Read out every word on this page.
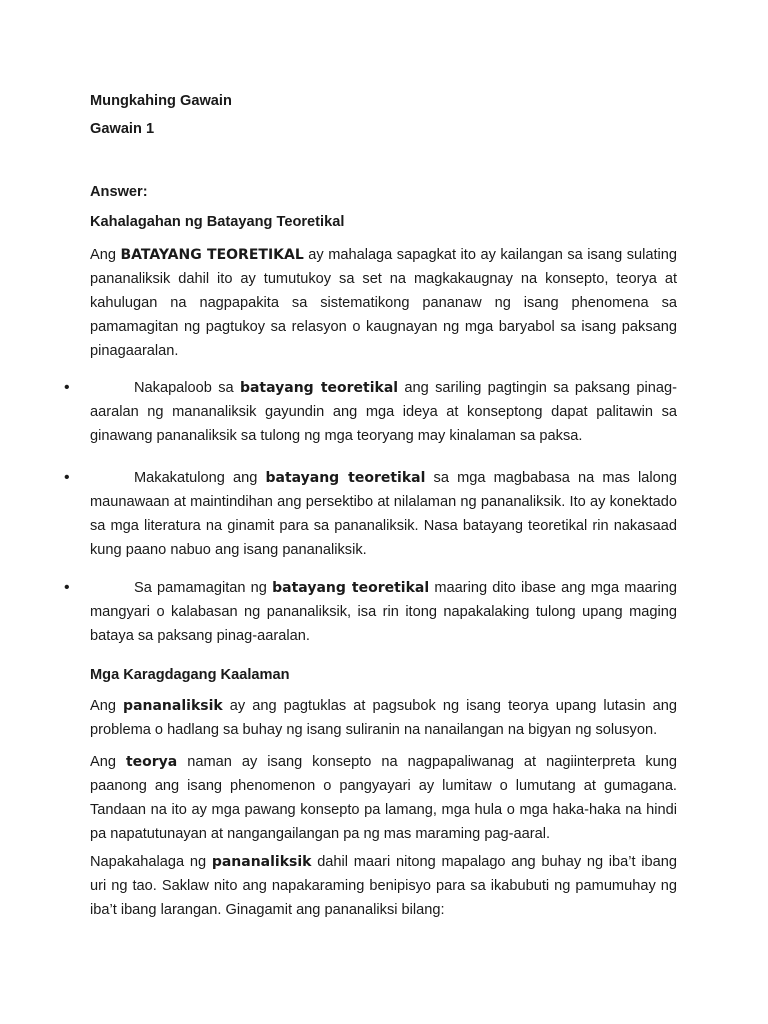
Mungkahing Gawain
Gawain 1
Answer:
Kahalagahan ng Batayang Teoretikal

Ang BATAYANG TEORETIKAL ay mahalaga sapagkat ito ay kailangan sa isang sulating pananaliksik dahil ito ay tumutukoy sa set na magkakaugnay na konsepto, teorya at kahulugan na nagpapakita sa sistematikong pananaw ng isang phenomena sa pamamagitan ng pagtukoy sa relasyon o kaugnayan ng mga baryabol sa isang paksang pinagaaralan.

•	Nakapaloob sa batayang teoretikal ang sariling pagtingin sa paksang pinag-aaralan ng mananaliksik gayundin ang mga ideya at konseptong dapat palitawin sa ginawang pananaliksik sa tulong ng mga teoryang may kinalaman sa paksa.

•	Makakatulong ang batayang teoretikal sa mga magbabasa na mas lalong maunawaan at maintindihan ang persektibo at nilalaman ng pananaliksik. Ito ay konektado sa mga literatura na ginamit para sa pananaliksik. Nasa batayang teoretikal rin nakasaad kung paano nabuo ang isang pananaliksik.

•	Sa pamamagitan ng batayang teoretikal maaring dito ibase ang mga maaring mangyari o kalabasan ng pananaliksik, isa rin itong napakalaking tulong upang maging bataya sa paksang pinag-aaralan.

Mga Karagdagang Kaalaman

Ang pananaliksik ay ang pagtuklas at pagsubok ng isang teorya upang lutasin ang problema o hadlang sa buhay ng isang suliranin na nanailangan na bigyan ng solusyon.

Ang teorya naman ay isang konsepto na nagpapaliwanag at nagiinterpreta kung paanong ang isang phenomenon o pangyayari ay lumitaw o lumutang at gumagana. Tandaan na ito ay mga pawang konsepto pa lamang, mga hula o mga haka-haka na hindi pa napatutunayan at nangangailangan pa ng mas maraming pag-aaral.

Napakahalaga ng pananaliksik dahil maari nitong mapalago ang buhay ng iba’t ibang uri ng tao. Saklaw nito ang napakaraming benipisyo para sa ikabubuti ng pamumuhay ng iba’t ibang larangan. Ginagamit ang pananaliksi bilang:
